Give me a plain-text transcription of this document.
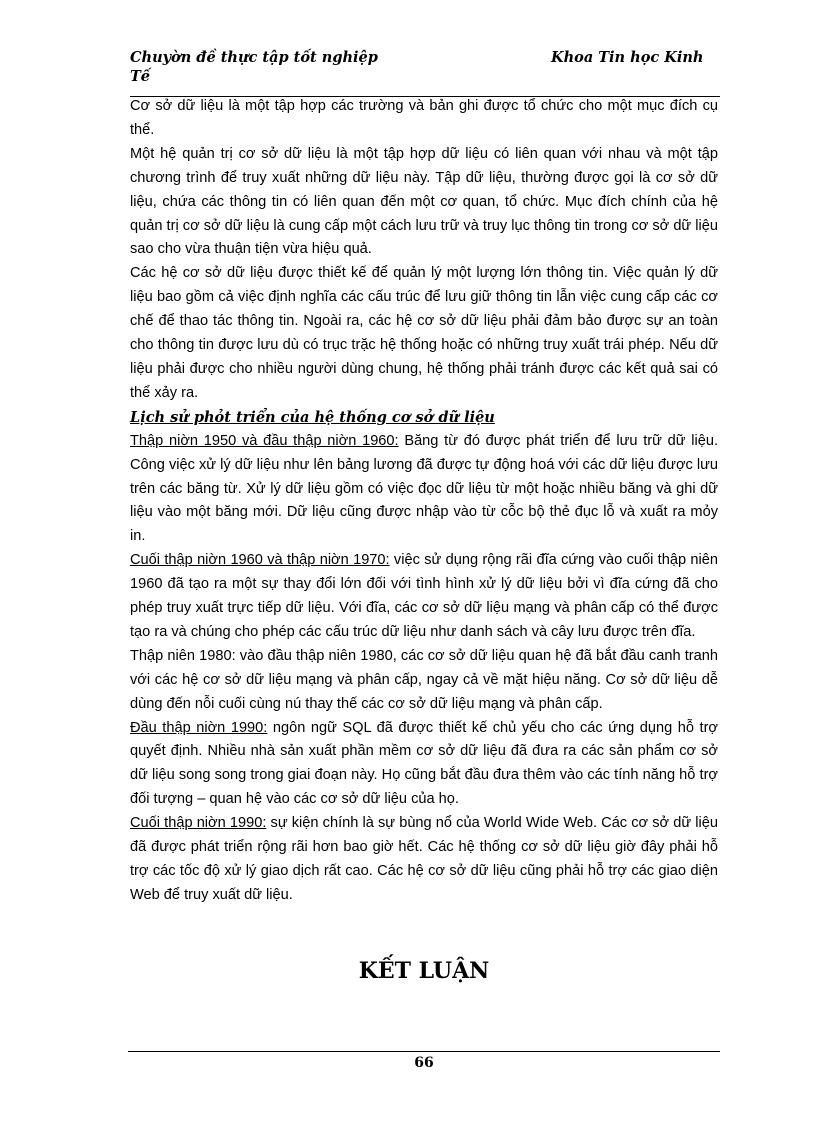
Chuyờn đề thực tập tốt nghiệp Tế
Khoa Tin học Kinh

Cơ sở dữ liệu là một tập hợp các trường và bản ghi được tổ chức cho một mục đích cụ thể.

Một hệ quản trị cơ sở dữ liệu là một tập hợp dữ liệu có liên quan với nhau và một tập chương trình để truy xuất những dữ liệu này. Tập dữ liệu, thường được gọi là cơ sở dữ liệu, chứa các thông tin có liên quan đến một cơ quan, tổ chức. Mục đích chính của hệ quản trị cơ sở dữ liệu là cung cấp một cách lưu trữ và truy lục thông tin trong cơ sở dữ liệu sao cho vừa thuận tiện vừa hiệu quả.

Các hệ cơ sở dữ liệu được thiết kế để quản lý một lượng lớn thông tin. Việc quản lý dữ liệu bao gồm cả việc định nghĩa các cấu trúc để lưu giữ thông tin lẫn việc cung cấp các cơ chế để thao tác thông tin. Ngoài ra, các hệ cơ sở dữ liệu phải đảm bảo được sự an toàn cho thông tin được lưu dù có trục trặc hệ thống hoặc có những truy xuất trái phép. Nếu dữ liệu phải được cho nhiều người dùng chung, hệ thống phải tránh được các kết quả sai có thể xảy ra.

Lịch sử phỏt triển của hệ thống cơ sở dữ liệu

Thập niờn 1950 và đầu thập niờn 1960: Băng từ đó được phát triển để lưu trữ dữ liệu. Công việc xử lý dữ liệu như lên bảng lương đã được tự động hoá với các dữ liệu được lưu trên các băng từ. Xử lý dữ liệu gồm có việc đọc dữ liệu từ một hoặc nhiều băng và ghi dữ liệu vào một băng mới. Dữ liệu cũng được nhập vào từ cỗc bộ thẻ đục lỗ và xuất ra mỏy in.

Cuối thập niờn 1960 và thập niờn 1970: việc sử dụng rộng rãi đĩa cứng vào cuối thập niên 1960 đã tạo ra một sự thay đổi lớn đối với tình hình xử lý dữ liệu bởi vì đĩa cứng đã cho phép truy xuất trực tiếp dữ liệu. Với đĩa, các cơ sở dữ liệu mạng và phân cấp có thể được tạo ra và chúng cho phép các cấu trúc dữ liệu như danh sách và cây lưu được trên đĩa.

Thập niên 1980: vào đầu thập niên 1980, các cơ sở dữ liệu quan hệ đã bắt đầu canh tranh với các hệ cơ sở dữ liệu mạng và phân cấp, ngay cả về mặt hiệu năng. Cơ sở dữ liệu dễ dùng đến nỗi cuối cùng nú thay thế các cơ sở dữ liệu mạng và phân cấp.

Đầu thập niờn 1990: ngôn ngữ SQL đã được thiết kế chủ yếu cho các ứng dụng hỗ trợ quyết định. Nhiều nhà sản xuất phần mềm cơ sở dữ liệu đã đưa ra các sản phẩm cơ sở dữ liệu song song trong giai đoạn này. Họ cũng bắt đầu đưa thêm vào các tính năng hỗ trợ đối tượng – quan hệ vào các cơ sở dữ liệu của họ.

Cuối thập niờn 1990: sự kiện chính là sự bùng nổ của World Wide Web. Các cơ sở dữ liệu đã được phát triển rộng rãi hơn bao giờ hết. Các hệ thống cơ sở dữ liệu giờ đây phải hỗ trợ các tốc độ xử lý giao dịch rất cao. Các hệ cơ sở dữ liệu cũng phải hỗ trợ các giao diện Web để truy xuất dữ liệu.

KẾT LUẬN
66
